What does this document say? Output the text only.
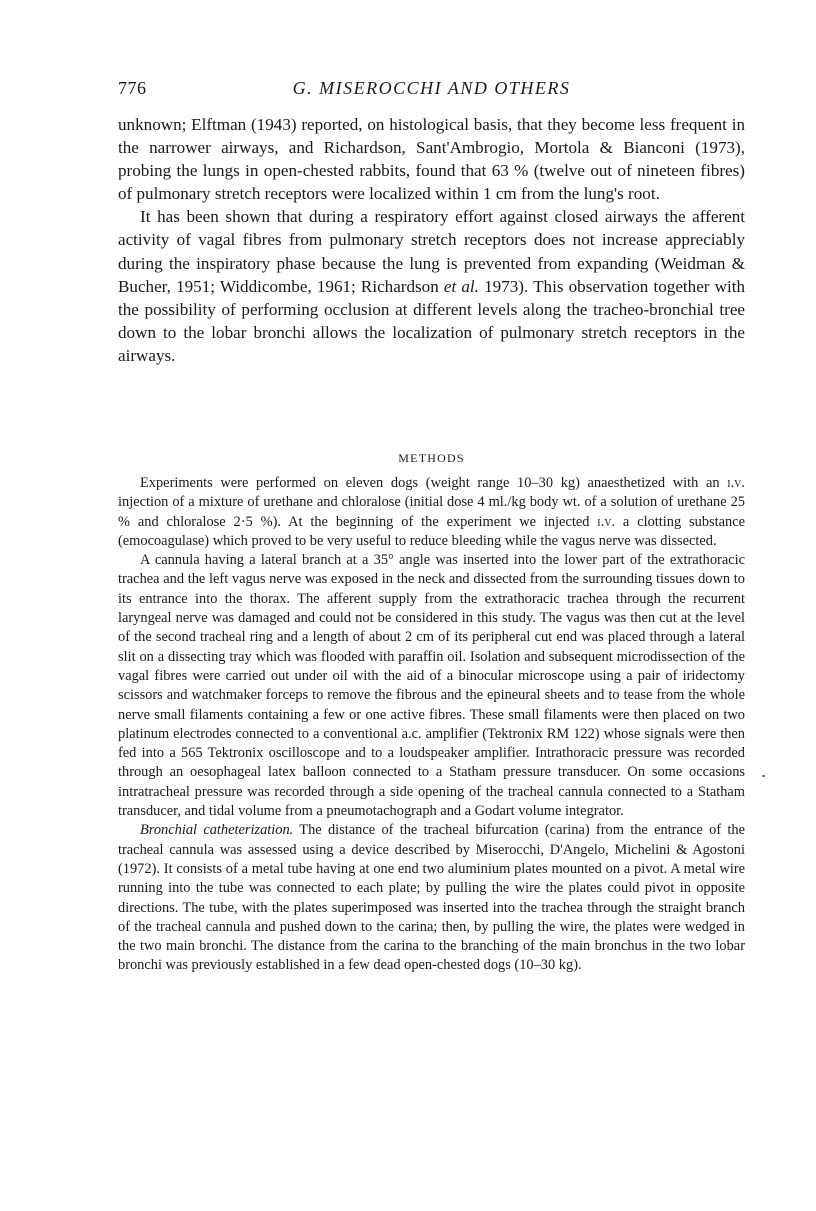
776	G. MISEROCCHI AND OTHERS

unknown; Elftman (1943) reported, on histological basis, that they become less frequent in the narrower airways, and Richardson, Sant'Ambrogio, Mortola & Bianconi (1973), probing the lungs in open-chested rabbits, found that 63 % (twelve out of nineteen fibres) of pulmonary stretch receptors were localized within 1 cm from the lung's root.

It has been shown that during a respiratory effort against closed airways the afferent activity of vagal fibres from pulmonary stretch receptors does not increase appreciably during the inspiratory phase because the lung is prevented from expanding (Weidman & Bucher, 1951; Widdicombe, 1961; Richardson et al. 1973). This observation together with the possibility of performing occlusion at different levels along the tracheo-bronchial tree down to the lobar bronchi allows the localization of pulmonary stretch receptors in the airways.

METHODS

Experiments were performed on eleven dogs (weight range 10–30 kg) anaesthetized with an i.v. injection of a mixture of urethane and chloralose (initial dose 4 ml./kg body wt. of a solution of urethane 25 % and chloralose 2·5 %). At the beginning of the experiment we injected i.v. a clotting substance (emocoagulase) which proved to be very useful to reduce bleeding while the vagus nerve was dissected.

A cannula having a lateral branch at a 35° angle was inserted into the lower part of the extrathoracic trachea and the left vagus nerve was exposed in the neck and dissected from the surrounding tissues down to its entrance into the thorax. The afferent supply from the extrathoracic trachea through the recurrent laryngeal nerve was damaged and could not be considered in this study. The vagus was then cut at the level of the second tracheal ring and a length of about 2 cm of its peripheral cut end was placed through a lateral slit on a dissecting tray which was flooded with paraffin oil. Isolation and subsequent microdissection of the vagal fibres were carried out under oil with the aid of a binocular microscope using a pair of iridectomy scissors and watchmaker forceps to remove the fibrous and the epineural sheets and to tease from the whole nerve small filaments containing a few or one active fibres. These small filaments were then placed on two platinum electrodes connected to a conventional a.c. amplifier (Tektronix RM 122) whose signals were then fed into a 565 Tektronix oscilloscope and to a loudspeaker amplifier. Intrathoracic pressure was recorded through an oesophageal latex balloon connected to a Statham pressure transducer. On some occasions intratracheal pressure was recorded through a side opening of the tracheal cannula connected to a Statham transducer, and tidal volume from a pneumotachograph and a Godart volume integrator.

Bronchial catheterization. The distance of the tracheal bifurcation (carina) from the entrance of the tracheal cannula was assessed using a device described by Miserocchi, D'Angelo, Michelini & Agostoni (1972). It consists of a metal tube having at one end two aluminium plates mounted on a pivot. A metal wire running into the tube was connected to each plate; by pulling the wire the plates could pivot in opposite directions. The tube, with the plates superimposed was inserted into the trachea through the straight branch of the tracheal cannula and pushed down to the carina; then, by pulling the wire, the plates were wedged in the two main bronchi. The distance from the carina to the branching of the main bronchus in the two lobar bronchi was previously established in a few dead open-chested dogs (10–30 kg).
